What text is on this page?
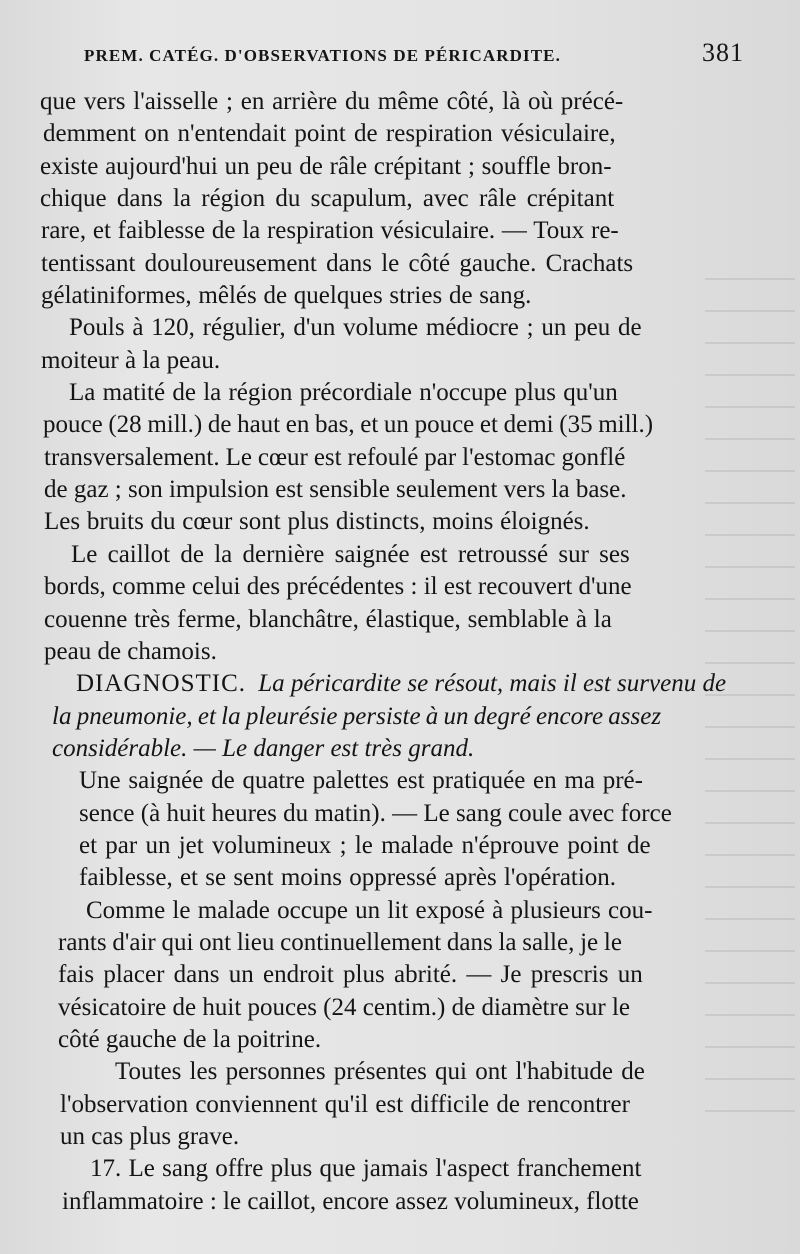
PREM. CATÉG. D'OBSERVATIONS DE PÉRICARDITE.	381
que vers l'aisselle ; en arrière du même côté, là où précé-
demment on n'entendait point de respiration vésiculaire,
existe aujourd'hui un peu de râle crépitant ; souffle bron-
chique dans la région du scapulum, avec râle crépitant
rare, et faiblesse de la respiration vésiculaire. — Toux re-
tentissant douloureusement dans le côté gauche. Crachats
gélatiniformes, mêlés de quelques stries de sang.
Pouls à 120, régulier, d'un volume médiocre ; un peu de
moiteur à la peau.
La matité de la région précordiale n'occupe plus qu'un
pouce (28 mill.) de haut en bas, et un pouce et demi (35 mill.)
transversalement. Le cœur est refoulé par l'estomac gonflé
de gaz ; son impulsion est sensible seulement vers la base.
Les bruits du cœur sont plus distincts, moins éloignés.
Le caillot de la dernière saignée est retroussé sur ses
bords, comme celui des précédentes : il est recouvert d'une
couenne très ferme, blanchâtre, élastique, semblable à la
peau de chamois.
DIAGNOSTIC. La péricardite se résout, mais il est survenu de
la pneumonie, et la pleurésie persiste à un degré encore assez
considérable. — Le danger est très grand.
Une saignée de quatre palettes est pratiquée en ma pré-
sence (à huit heures du matin). — Le sang coule avec force
et par un jet volumineux ; le malade n'éprouve point de
faiblesse, et se sent moins oppressé après l'opération.
Comme le malade occupe un lit exposé à plusieurs cou-
rants d'air qui ont lieu continuellement dans la salle, je le
fais placer dans un endroit plus abrité. — Je prescris un
vésicatoire de huit pouces (24 centim.) de diamètre sur le
côté gauche de la poitrine.
Toutes les personnes présentes qui ont l'habitude de
l'observation conviennent qu'il est difficile de rencontrer
un cas plus grave.
17. Le sang offre plus que jamais l'aspect franchement
inflammatoire : le caillot, encore assez volumineux, flotte
